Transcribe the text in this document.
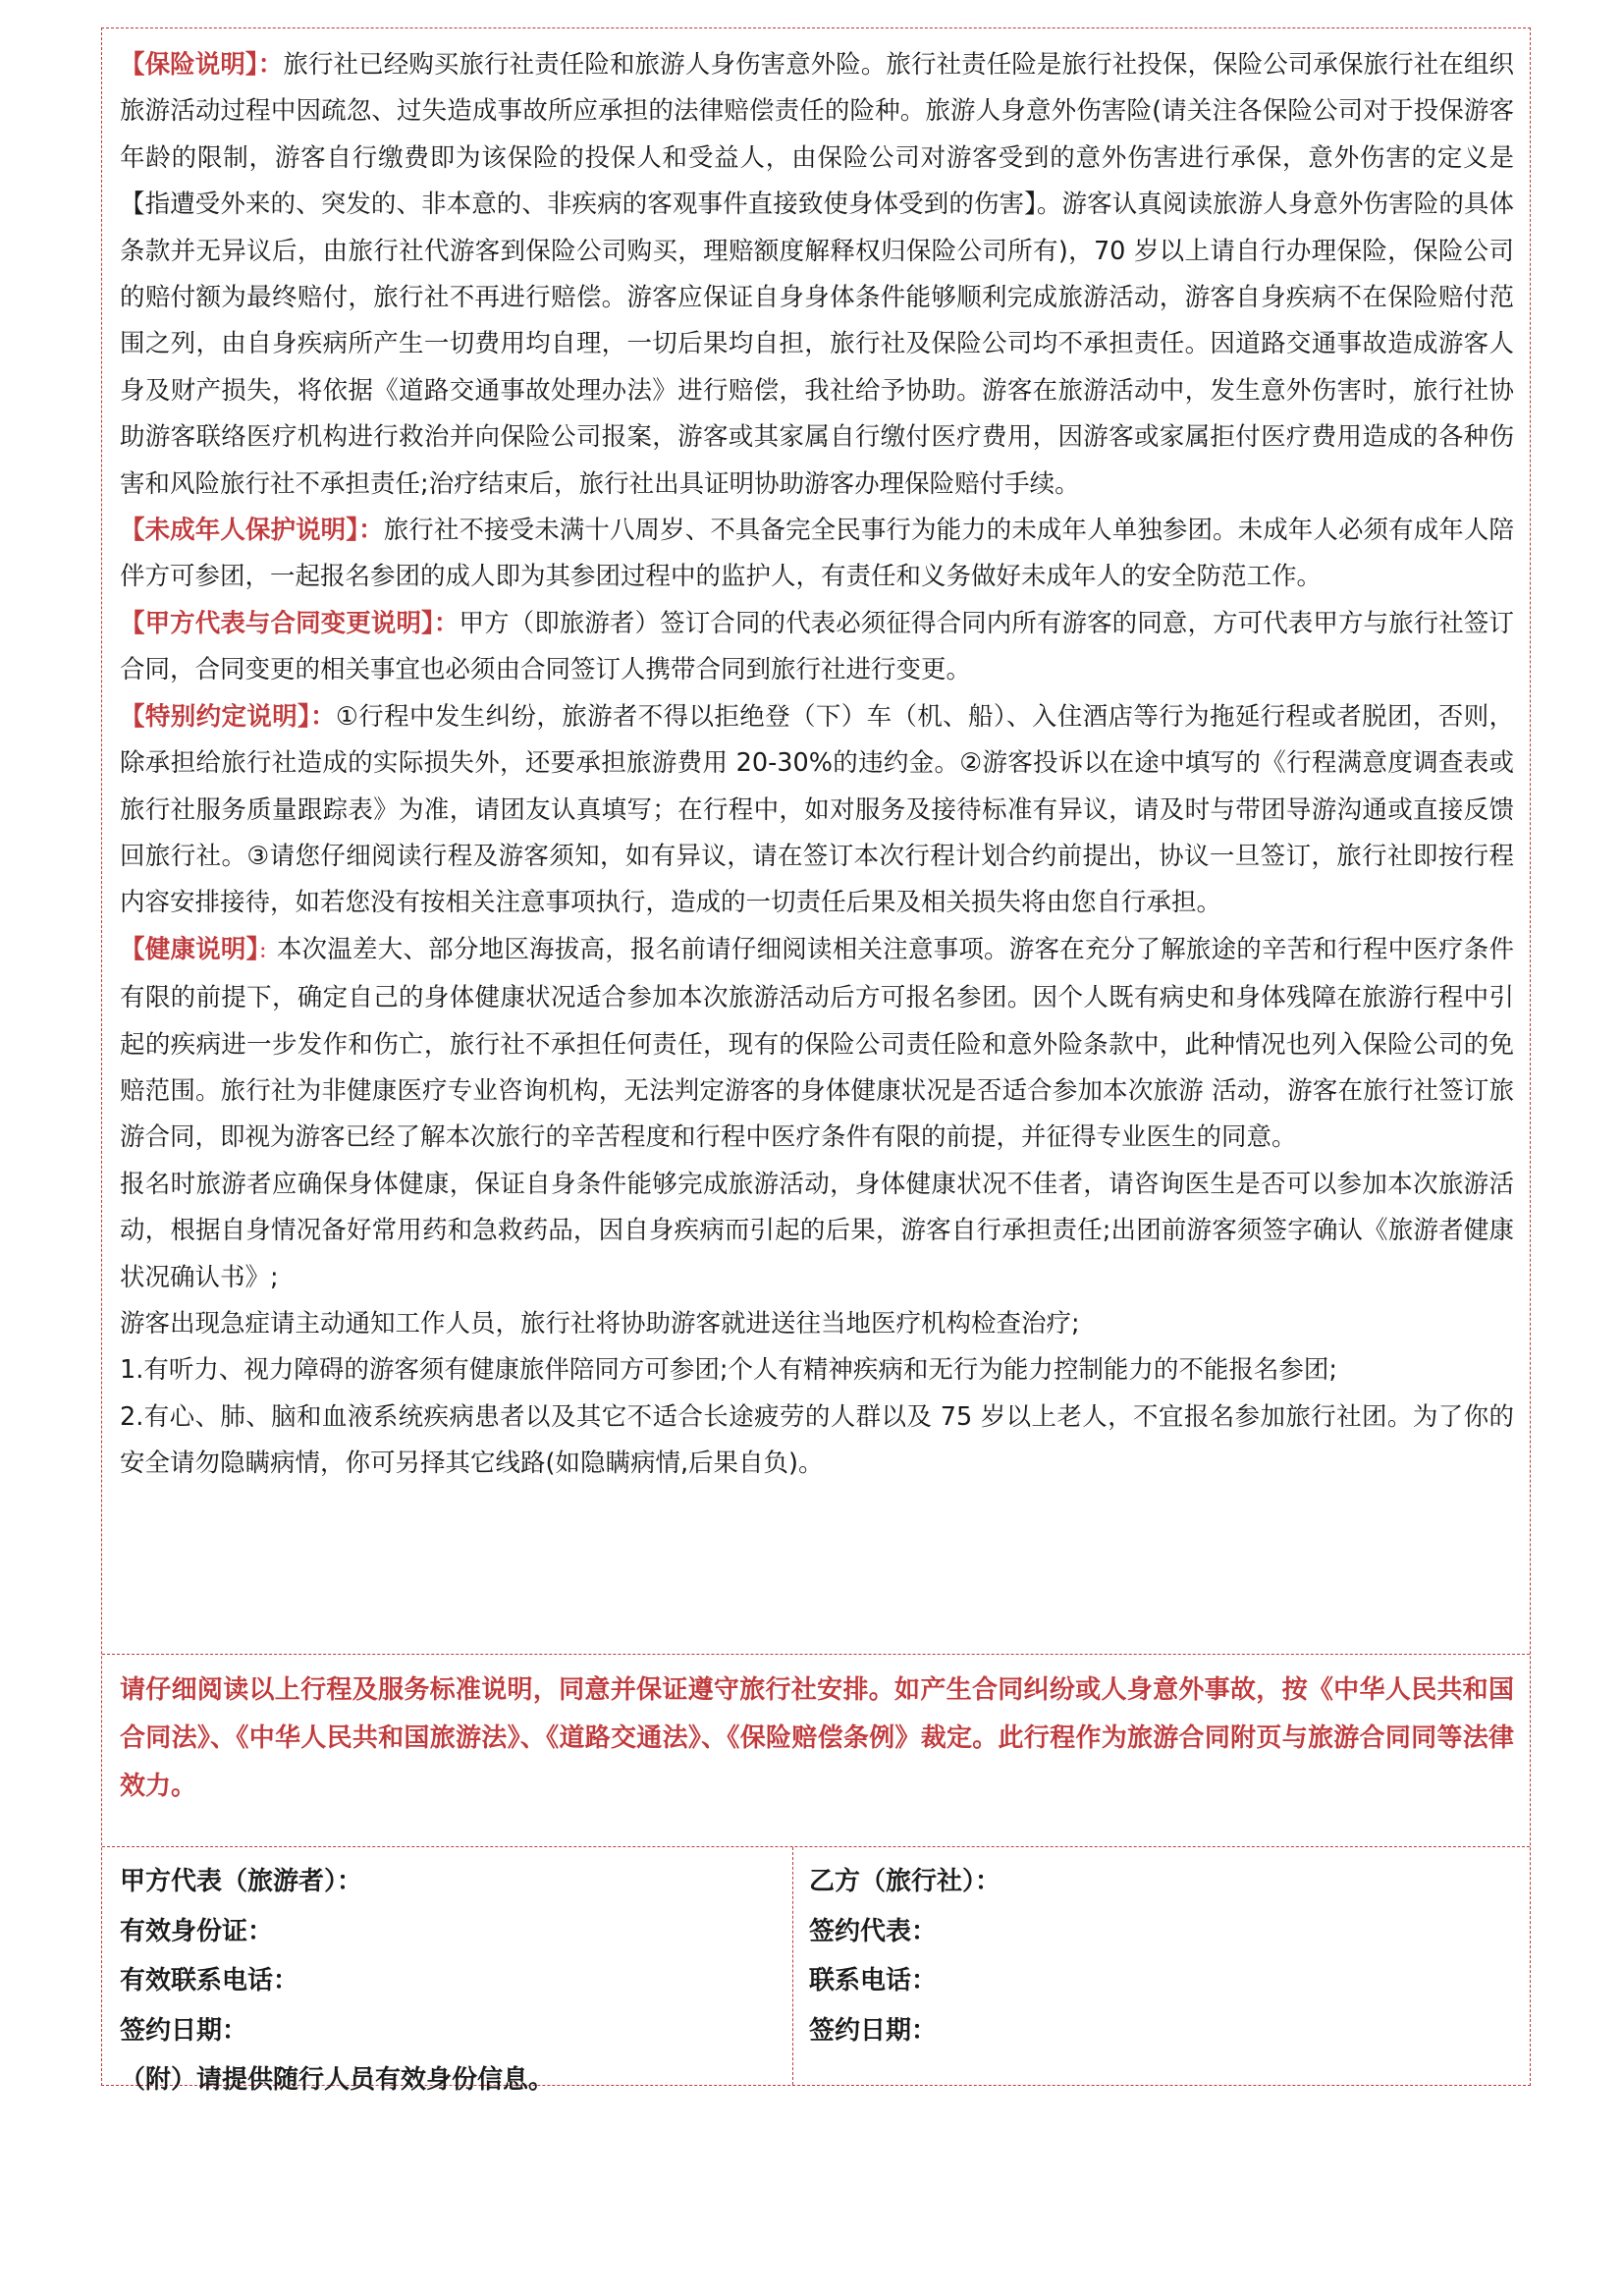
【保险说明】：旅行社已经购买旅行社责任险和旅游人身伤害意外险。旅行社责任险是旅行社投保，保险公司承保旅行社在组织旅游活动过程中因疏忽、过失造成事故所应承担的法律赔偿责任的险种。旅游人身意外伤害险(请关注各保险公司对于投保游客年龄的限制，游客自行缴费即为该保险的投保人和受益人，由保险公司对游客受到的意外伤害进行承保，意外伤害的定义是【指遭受外来的、突发的、非本意的、非疾病的客观事件直接致使身体受到的伤害】。游客认真阅读旅游人身意外伤害险的具体条款并无异议后，由旅行社代游客到保险公司购买，理赔额度解释权归保险公司所有)，70 岁以上请自行办理保险，保险公司的赔付额为最终赔付，旅行社不再进行赔偿。游客应保证自身身体条件能够顺利完成旅游活动，游客自身疾病不在保险赔付范围之列，由自身疾病所产生一切费用均自理，一切后果均自担，旅行社及保险公司均不承担责任。因道路交通事故造成游客人身及财产损失，将依据《道路交通事故处理办法》进行赔偿，我社给予协助。游客在旅游活动中，发生意外伤害时，旅行社协助游客联络医疗机构进行救治并向保险公司报案，游客或其家属自行缴付医疗费用，因游客或家属拒付医疗费用造成的各种伤害和风险旅行社不承担责任;治疗结束后，旅行社出具证明协助游客办理保险赔付手续。

【未成年人保护说明】：旅行社不接受未满十八周岁、不具备完全民事行为能力的未成年人单独参团。未成年人必须有成年人陪伴方可参团，一起报名参团的成人即为其参团过程中的监护人，有责任和义务做好未成年人的安全防范工作。

【甲方代表与合同变更说明】：甲方（即旅游者）签订合同的代表必须征得合同内所有游客的同意，方可代表甲方与旅行社签订合同，合同变更的相关事宜也必须由合同签订人携带合同到旅行社进行变更。

【特别约定说明】：①行程中发生纠纷，旅游者不得以拒绝登（下）车（机、船）、入住酒店等行为拖延行程或者脱团，否则，除承担给旅行社造成的实际损失外，还要承担旅游费用 20-30%的违约金。②游客投诉以在途中填写的《行程满意度调查表或旅行社服务质量跟踪表》为准，请团友认真填写；在行程中，如对服务及接待标准有异议，请及时与带团导游沟通或直接反馈回旅行社。③请您仔细阅读行程及游客须知，如有异议，请在签订本次行程计划合约前提出，协议一旦签订，旅行社即按行程内容安排接待，如若您没有按相关注意事项执行，造成的一切责任后果及相关损失将由您自行承担。

【健康说明】：本次温差大、部分地区海拔高，报名前请仔细阅读相关注意事项。游客在充分了解旅途的辛苦和行程中医疗条件有限的前提下，确定自己的身体健康状况适合参加本次旅游活动后方可报名参团。因个人既有病史和身体残障在旅游行程中引起的疾病进一步发作和伤亡，旅行社不承担任何责任，现有的保险公司责任险和意外险条款中，此种情况也列入保险公司的免赔范围。旅行社为非健康医疗专业咨询机构，无法判定游客的身体健康状况是否适合参加本次旅游 活动，游客在旅行社签订旅游合同，即视为游客已经了解本次旅行的辛苦程度和行程中医疗条件有限的前提，并征得专业医生的同意。

报名时旅游者应确保身体健康，保证自身条件能够完成旅游活动，身体健康状况不佳者，请咨询医生是否可以参加本次旅游活动，根据自身情况备好常用药和急救药品，因自身疾病而引起的后果，游客自行承担责任;出团前游客须签字确认《旅游者健康状况确认书》;

游客出现急症请主动通知工作人员，旅行社将协助游客就进送往当地医疗机构检查治疗;

1.有听力、视力障碍的游客须有健康旅伴陪同方可参团;个人有精神疾病和无行为能力控制能力的不能报名参团;

2.有心、肺、脑和血液系统疾病患者以及其它不适合长途疲劳的人群以及 75 岁以上老人，不宜报名参加旅行社团。为了你的安全请勿隐瞒病情，你可另择其它线路(如隐瞒病情,后果自负)。

请仔细阅读以上行程及服务标准说明，同意并保证遵守旅行社安排。如产生合同纠纷或人身意外事故，按《中华人民共和国合同法》、《中华人民共和国旅游法》、《道路交通法》、《保险赔偿条例》裁定。此行程作为旅游合同附页与旅游合同同等法律效力。

甲方代表（旅游者）：

有效身份证：

有效联系电话：

签约日期：

（附）请提供随行人员有效身份信息。

乙方（旅行社）：

签约代表：

联系电话：

签约日期：
